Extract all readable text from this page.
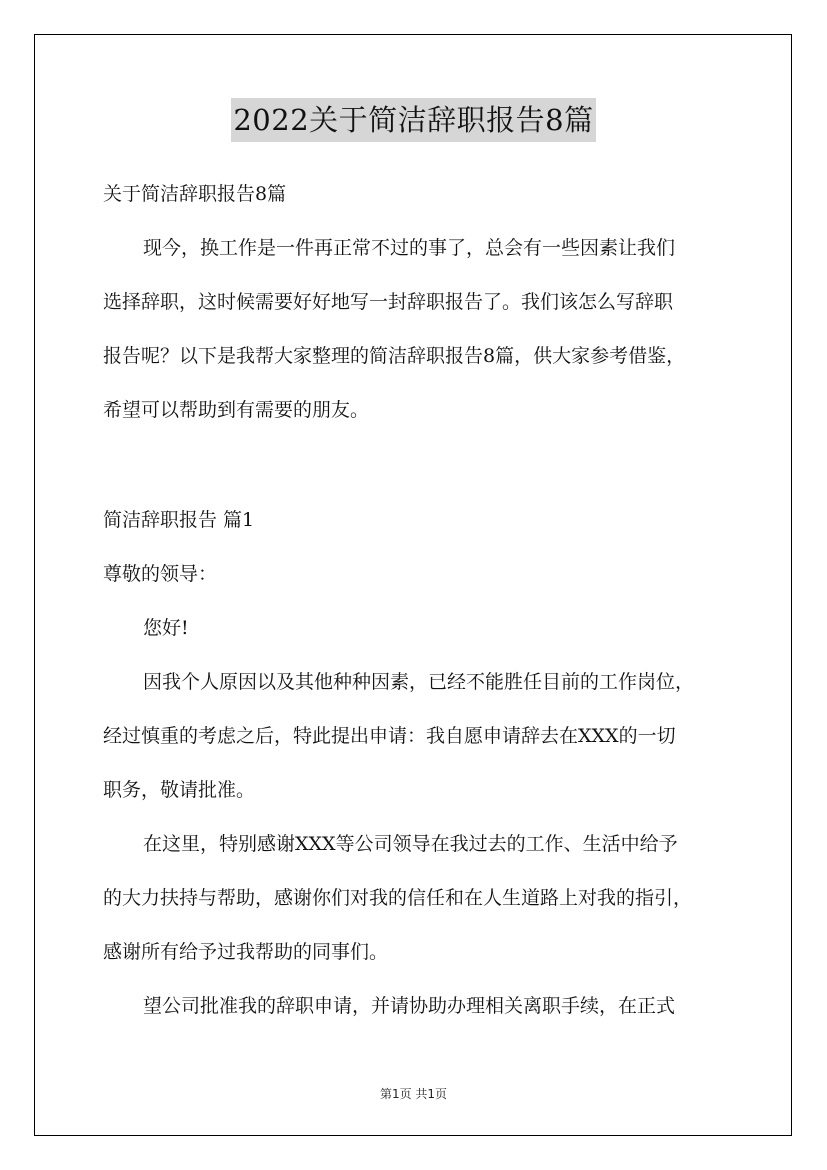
2022关于简洁辞职报告8篇
关于简洁辞职报告8篇
现今，换工作是一件再正常不过的事了，总会有一些因素让我们
选择辞职，这时候需要好好地写一封辞职报告了。我们该怎么写辞职
报告呢？以下是我帮大家整理的简洁辞职报告8篇，供大家参考借鉴，
希望可以帮助到有需要的朋友。
简洁辞职报告 篇1
尊敬的领导：
您好!
因我个人原因以及其他种种因素，已经不能胜任目前的工作岗位，
经过慎重的考虑之后，特此提出申请：我自愿申请辞去在XXX的一切
职务，敬请批准。
在这里，特别感谢XXX等公司领导在我过去的工作、生活中给予
的大力扶持与帮助，感谢你们对我的信任和在人生道路上对我的指引，
感谢所有给予过我帮助的同事们。
望公司批准我的辞职申请，并请协助办理相关离职手续，在正式
第1页 共1页
